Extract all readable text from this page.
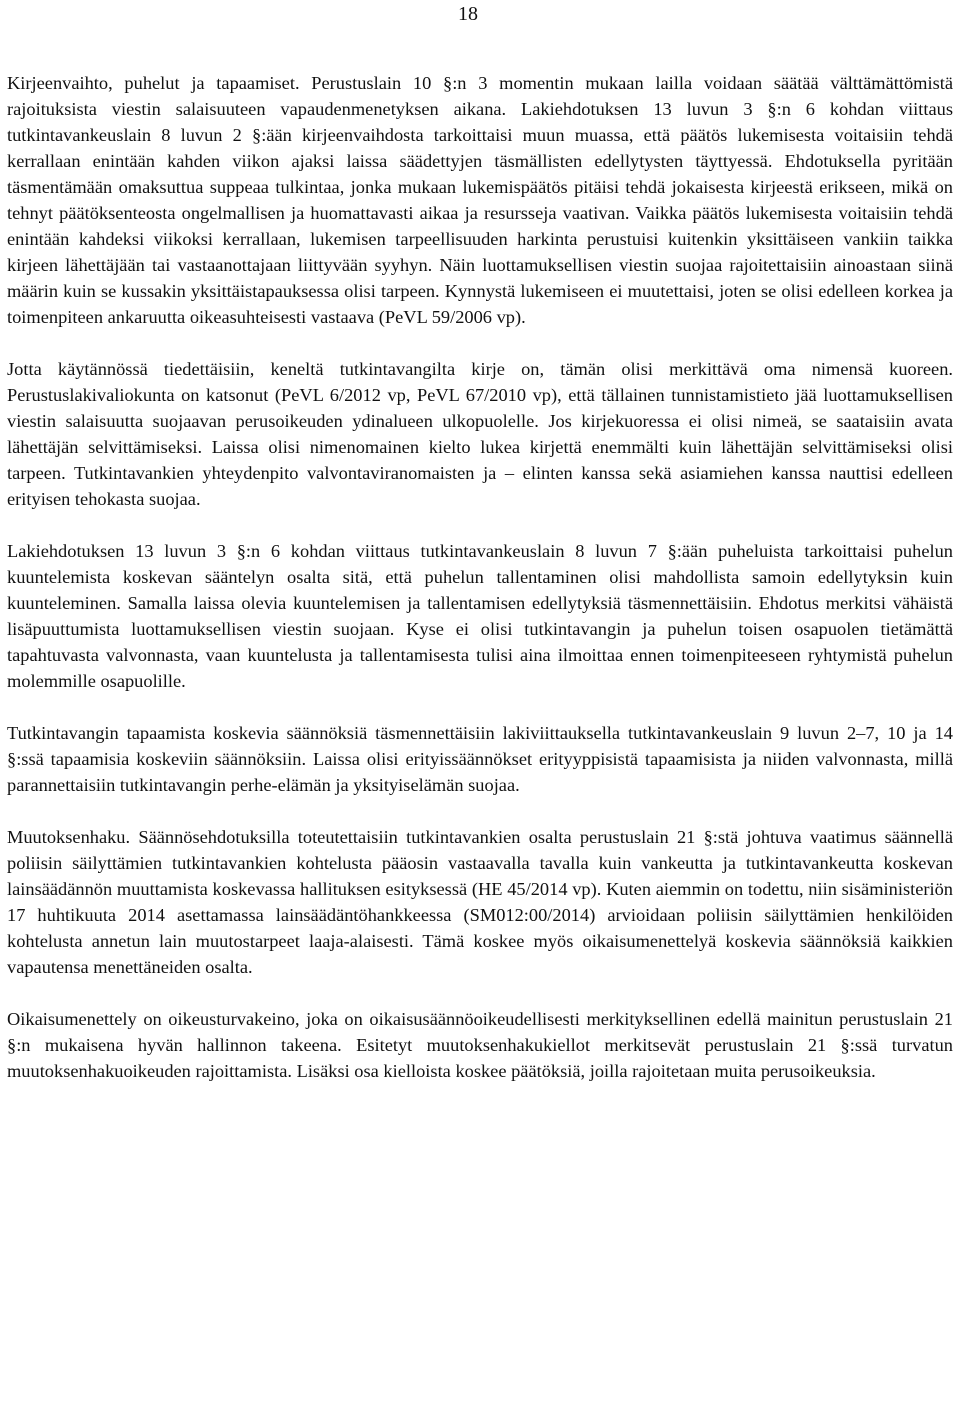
18

Kirjeenvaihto, puhelut ja tapaamiset. Perustuslain 10 §:n 3 momentin mukaan lailla voidaan säätää välttämättömistä rajoituksista viestin salaisuuteen vapaudenmenetyksen aikana. Lakiehdotuksen 13 luvun 3 §:n 6 kohdan viittaus tutkintavankeuslain 8 luvun 2 §:ään kirjeenvaihdosta tarkoittaisi muun muassa, että päätös lukemisesta voitaisiin tehdä kerrallaan enintään kahden viikon ajaksi laissa säädettyjen täsmällisten edellytysten täyttyessä. Ehdotuksella pyritään täsmentämään omaksuttua suppeaa tulkintaa, jonka mukaan lukemispäätös pitäisi tehdä jokaisesta kirjeestä erikseen, mikä on tehnyt päätöksenteosta ongelmallisen ja huomattavasti aikaa ja resursseja vaativan. Vaikka päätös lukemisesta voitaisiin tehdä enintään kahdeksi viikoksi kerrallaan, lukemisen tarpeellisuuden harkinta perustuisi kuitenkin yksittäiseen vankiin taikka kirjeen lähettäjään tai vastaanottajaan liittyvään syyhyn. Näin luottamuksellisen viestin suojaa rajoitettaisiin ainoastaan siinä määrin kuin se kussakin yksittäistapauksessa olisi tarpeen. Kynnystä lukemiseen ei muutettaisi, joten se olisi edelleen korkea ja toimenpiteen ankaruutta oikeasuhteisesti vastaava (PeVL 59/2006 vp).

Jotta käytännössä tiedettäisiin, keneltä tutkintavangilta kirje on, tämän olisi merkittävä oma nimensä kuoreen. Perustuslakivaliokunta on katsonut (PeVL 6/2012 vp, PeVL 67/2010 vp), että tällainen tunnistamistieto jää luottamuksellisen viestin salaisuutta suojaavan perusoikeuden ydinalueen ulkopuolelle. Jos kirjekuoressa ei olisi nimeä, se saataisiin avata lähettäjän selvittämiseksi. Laissa olisi nimenomainen kielto lukea kirjettä enemmälti kuin lähettäjän selvittämiseksi olisi tarpeen. Tutkintavankien yhteydenpito valvontaviranomaisten ja – elinten kanssa sekä asiamiehen kanssa nauttisi edelleen erityisen tehokasta suojaa.

Lakiehdotuksen 13 luvun 3 §:n 6 kohdan viittaus tutkintavankeuslain 8 luvun 7 §:ään puheluista tarkoittaisi puhelun kuuntelemista koskevan sääntelyn osalta sitä, että puhelun tallentaminen olisi mahdollista samoin edellytyksin kuin kuunteleminen. Samalla laissa olevia kuuntelemisen ja tallentamisen edellytyksiä täsmennettäisiin. Ehdotus merkitsi vähäistä lisäpuuttumista luottamuksellisen viestin suojaan. Kyse ei olisi tutkintavangin ja puhelun toisen osapuolen tietämättä tapahtuvasta valvonnasta, vaan kuuntelusta ja tallentamisesta tulisi aina ilmoittaa ennen toimenpiteeseen ryhtymistä puhelun molemmille osapuolille.

Tutkintavangin tapaamista koskevia säännöksiä täsmennettäisiin lakiviittauksella tutkintavankeuslain 9 luvun 2–7, 10 ja 14 §:ssä tapaamisia koskeviin säännöksiin. Laissa olisi erityissäännökset erityyppisistä tapaamisista ja niiden valvonnasta, millä parannettaisiin tutkintavangin perhe-elämän ja yksityiselämän suojaa.

Muutoksenhaku. Säännösehdotuksilla toteutettaisiin tutkintavankien osalta perustuslain 21 §:stä johtuva vaatimus säännellä poliisin säilyttämien tutkintavankien kohtelusta pääosin vastaavalla tavalla kuin vankeutta ja tutkintavankeutta koskevan lainsäädännön muuttamista koskevassa hallituksen esityksessä (HE 45/2014 vp). Kuten aiemmin on todettu, niin sisäministeriön 17 huhtikuuta 2014 asettamassa lainsäädäntöhankkeessa (SM012:00/2014) arvioidaan poliisin säilyttämien henkilöiden kohtelusta annetun lain muutostarpeet laaja-alaisesti. Tämä koskee myös oikaisumenettelyä koskevia säännöksiä kaikkien vapautensa menettäneiden osalta.

Oikaisumenettely on oikeusturvakeino, joka on oikaisusäännöoikeudellisesti merkityksellinen edellä mainitun perustuslain 21 §:n mukaisena hyvän hallinnon takeena. Esitetyt muutoksenhakukiellot merkitsevät perustuslain 21 §:ssä turvatun muutoksenhakuoikeuden rajoittamista. Lisäksi osa kielloista koskee päätöksiä, joilla rajoitetaan muita perusoikeuksia.
